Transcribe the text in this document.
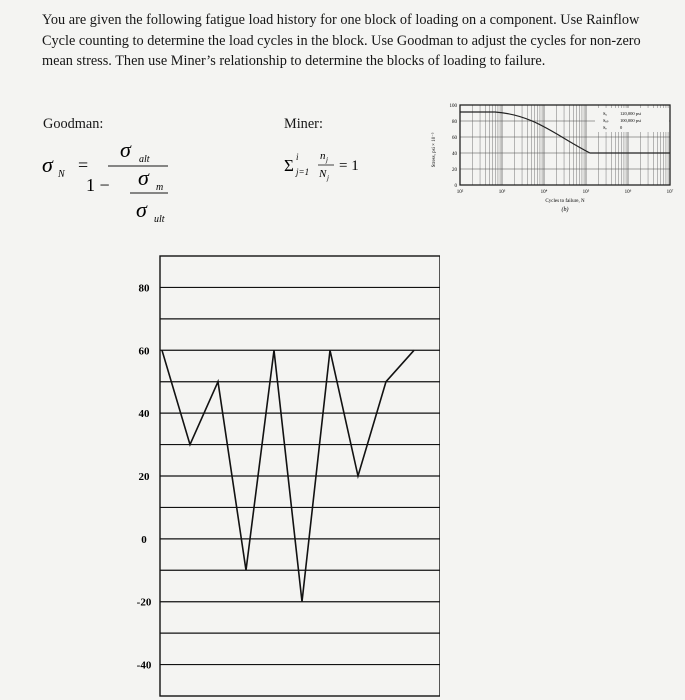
You are given the following fatigue load history for one block of loading on a component. Use Rainflow Cycle counting to determine the load cycles in the block. Use Goodman to adjust the cycles for non-zero mean stress. Then use Miner’s relationship to determine the blocks of loading to failure.

Goodman:
σ N =
σ alt
1 − σ m
σ ult
Miner:
Σ i
j=1
n j
N j
= 1	Stress, psi × 10⁻³
100
80
60
40
20
0
10²	10³	10⁴	10⁵	10⁶	10⁷
Cycles to failure, N
(b)
Sᵤ	120,000 psi
Sₑₚ	100,000 psi
Sₑ	0
80
60
40
20
0
-20
-40
